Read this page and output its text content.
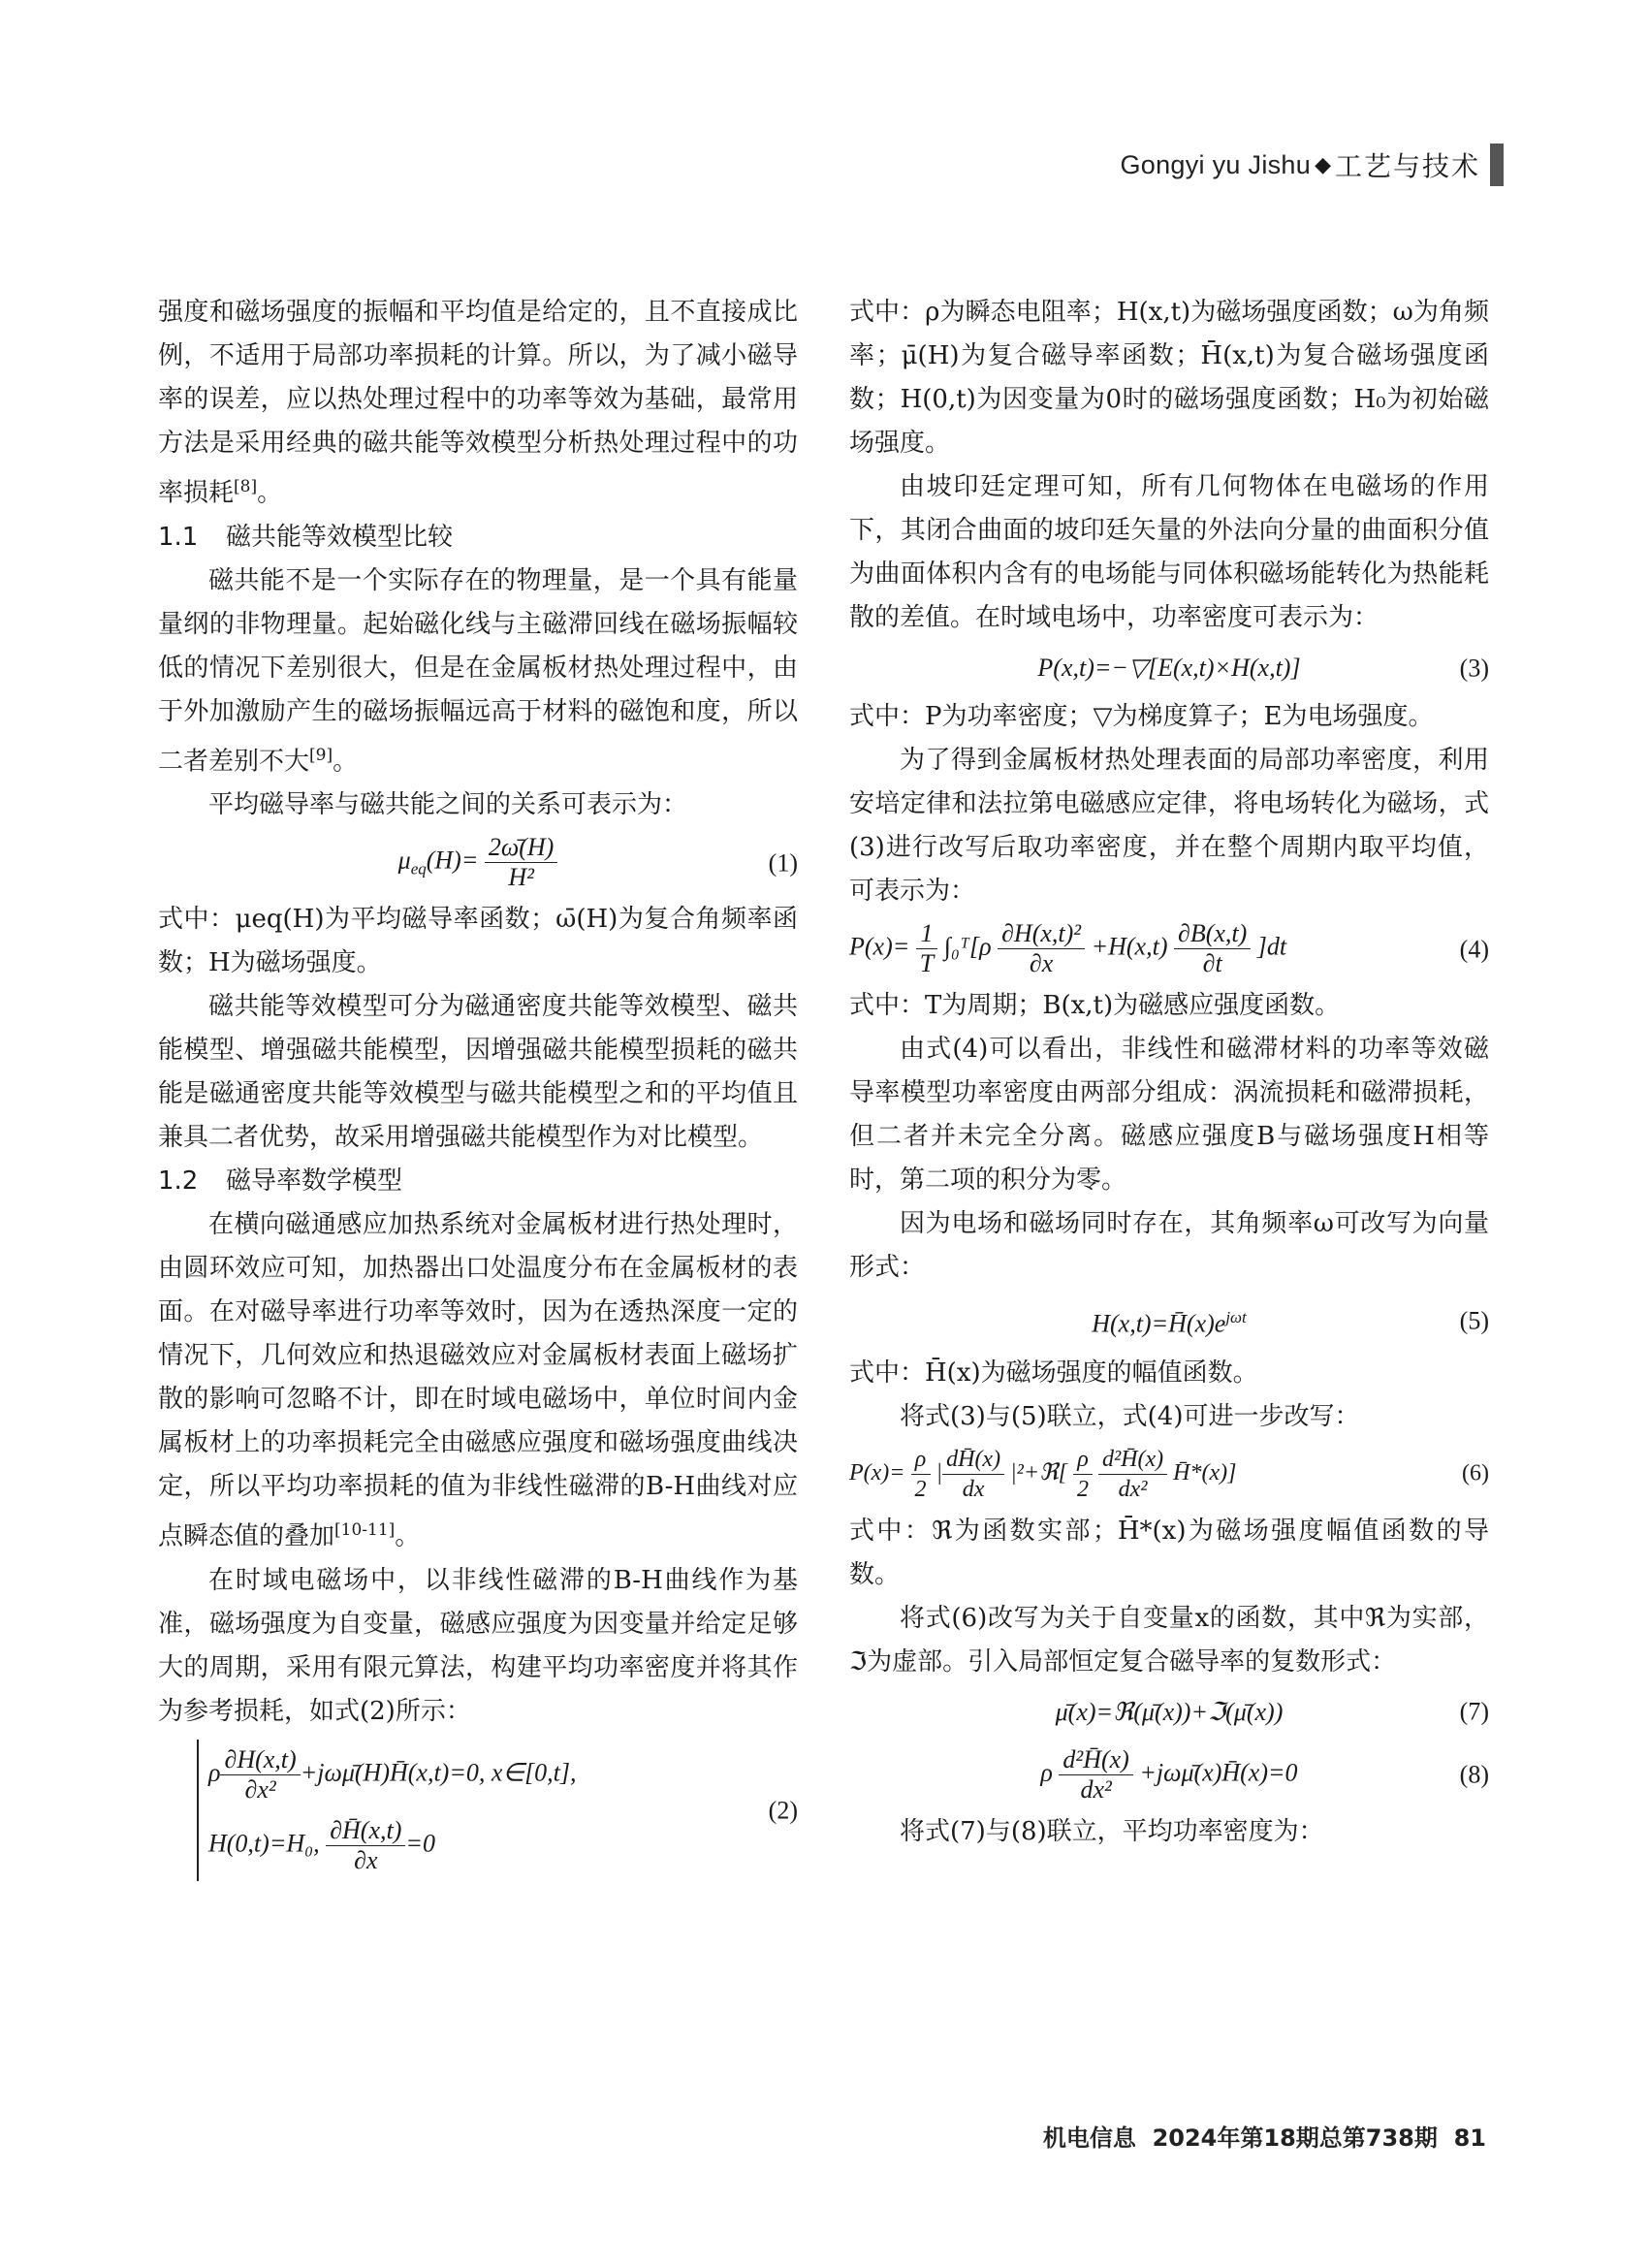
Gongyi yu Jishu ◆ 工艺与技术

强度和磁场强度的振幅和平均值是给定的，且不直接成比例，不适用于局部功率损耗的计算。所以，为了减小磁导率的误差，应以热处理过程中的功率等效为基础，最常用方法是采用经典的磁共能等效模型分析热处理过程中的功率损耗[8]。

1.1 磁共能等效模型比较

磁共能不是一个实际存在的物理量，是一个具有能量量纲的非物理量。起始磁化线与主磁滞回线在磁场振幅较低的情况下差别很大，但是在金属板材热处理过程中，由于外加激励产生的磁场振幅远高于材料的磁饱和度，所以二者差别不大[9]。

平均磁导率与磁共能之间的关系可表示为：

$\mu_{eq}(H)= \frac{2\omegā(H)}{\text{H²}}$	(1)

式中：μeq(H)为平均磁导率函数；ω̄(H)为复合角频率函数；H为磁场强度。

磁共能等效模型可分为磁通密度共能等效模型、磁共能模型、增强磁共能模型，因增强磁共能模型损耗的磁共能是磁通密度共能等效模型与磁共能模型之和的平均值且兼具二者优势，故采用增强磁共能模型作为对比模型。

1.2 磁导率数学模型

在横向磁通感应加热系统对金属板材进行热处理时，由圆环效应可知，加热器出口处温度分布在金属板材的表面。在对磁导率进行功率等效时，因为在透热深度一定的情况下，几何效应和热退磁效应对金属板材表面上磁场扩散的影响可忽略不计，即在时域电磁场中，单位时间内金属板材上的功率损耗完全由磁感应强度和磁场强度曲线决定，所以平均功率损耗的值为非线性磁滞的B-H曲线对应点瞬态值的叠加[10-11]。

在时域电磁场中，以非线性磁滞的B-H曲线作为基准，磁场强度为自变量，磁感应强度为因变量并给定足够大的周期，采用有限元算法，构建平均功率密度并将其作为参考损耗，如式(2)所示：

ρ $\frac{\partial H(x,t)}{\text{∂x²}}$ +jωμ̄(H)H̄(x,t)=0, x∈[0,t],
H(0,t)=H₀, $\frac{\partial H̄(x,t)}{\partial x} =0$
(2)

式中：ρ为瞬态电阻率；H(x,t)为磁场强度函数；ω为角频率；μ̄(H)为复合磁导率函数；H̄(x,t)为复合磁场强度函数；H(0,t)为因变量为0时的磁场强度函数；H₀为初始磁场强度。

由坡印廷定理可知，所有几何物体在电磁场的作用下，其闭合曲面的坡印廷矢量的外法向分量的曲面积分值为曲面体积内含有的电场能与同体积磁场能转化为热能耗散的差值。在时域电场中，功率密度可表示为：

P(x,t)=−▽[E(x,t)×H(x,t)]	(3)

式中：P为功率密度；▽为梯度算子；E为电场强度。

为了得到金属板材热处理表面的局部功率密度，利用安培定律和法拉第电磁感应定律，将电场转化为磁场，式(3)进行改写后取功率密度，并在整个周期内取平均值，可表示为：

$P(x)= \frac{1}{T}$ ∫₀ᵀ[ρ $\frac{\text{∂H(x,t)²}}{\partial x} +H(x,t) \frac{\partial B(x,t)}{\partial t} ]dt$	(4)

式中：T为周期；B(x,t)为磁感应强度函数。

由式(4)可以看出，非线性和磁滞材料的功率等效磁导率模型功率密度由两部分组成：涡流损耗和磁滞损耗，但二者并未完全分离。磁感应强度B与磁场强度H相等时，第二项的积分为零。

因为电场和磁场同时存在，其角频率ω可改写为向量形式：

$H(x,t)=H̄(x)e^{j\omega t}$	(5)

式中：H̄(x)为磁场强度的幅值函数。

将式(3)与(5)联立，式(4)可进一步改写：

$P(x)= \frac{\rho}{2}$ | $\frac{dH̄(x)}{dx}$ |²+ℜ[ $\frac{\rho}{2}$
$\frac{\text{d²H̄(x)}}{\text{dx²}}$ H̄*(x)]	(6)

式中：ℜ为函数实部；H̄*(x)为磁场强度幅值函数的导数。

将式(6)改写为关于自变量x的函数，其中ℜ为实部，ℑ为虚部。引入局部恒定复合磁导率的复数形式：

μ̄(x)=ℜ(μ̄(x))+ℑ(μ̄(x))	(7)
ρ $\frac{\text{d²H̄(x)}}{\text{dx²}}$ +jωμ̄(x)H̄(x)=0	(8)

将式(7)与(8)联立，平均功率密度为：

机电信息  2024年第18期总第738期  81
